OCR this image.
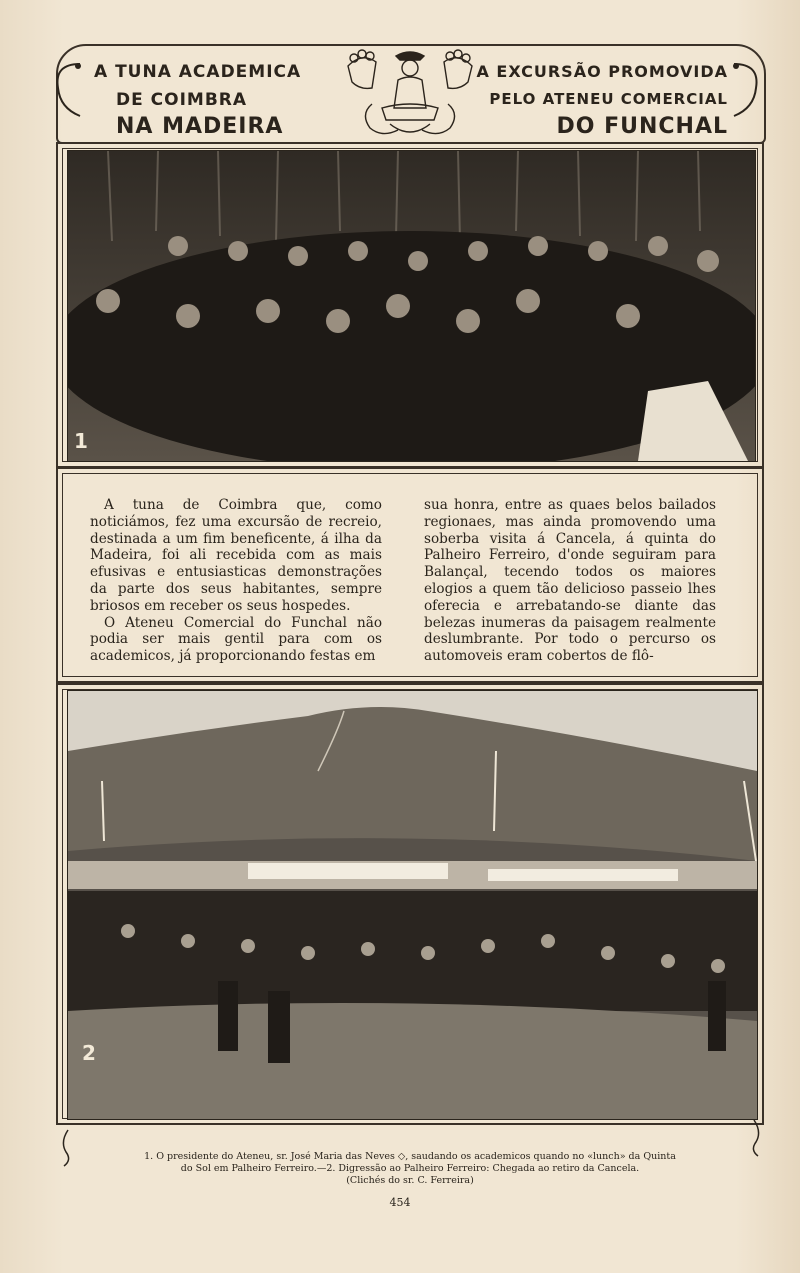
A TUNA ACADEMICA
DE COIMBRA
NA MADEIRA
A EXCURSÃO PROMOVIDA
PELO ATENEU COMERCIAL
DO FUNCHAL
1

A tuna de Coimbra que, como noticiámos, fez uma excursão de recreio, destinada a um fim beneficente, á ilha da Madeira, foi ali recebida com as mais efusivas e entusiasticas demonstrações da parte dos seus habitantes, sempre briosos em receber os seus hospedes.

O Ateneu Comercial do Funchal não podia ser mais gentil para com os academicos, já proporcionando festas em

sua honra, entre as quaes belos bailados regionaes, mas ainda promovendo uma soberba visita á Cancela, á quinta do Palheiro Ferreiro, d'onde seguiram para Balançal, tecendo todos os maiores elogios a quem tão delicioso passeio lhes oferecia e arrebatando-se diante das belezas inumeras da paisagem realmente deslumbrante. Por todo o percurso os automoveis eram cobertos de flô-

2
1. O presidente do Ateneu, sr. José Maria das Neves ◇, saudando os academicos quando no «lunch» da Quinta
do Sol em Palheiro Ferreiro.—2. Digressão ao Palheiro Ferreiro: Chegada ao retiro da Cancela.
(Clichés do sr. C. Ferreira)
454
